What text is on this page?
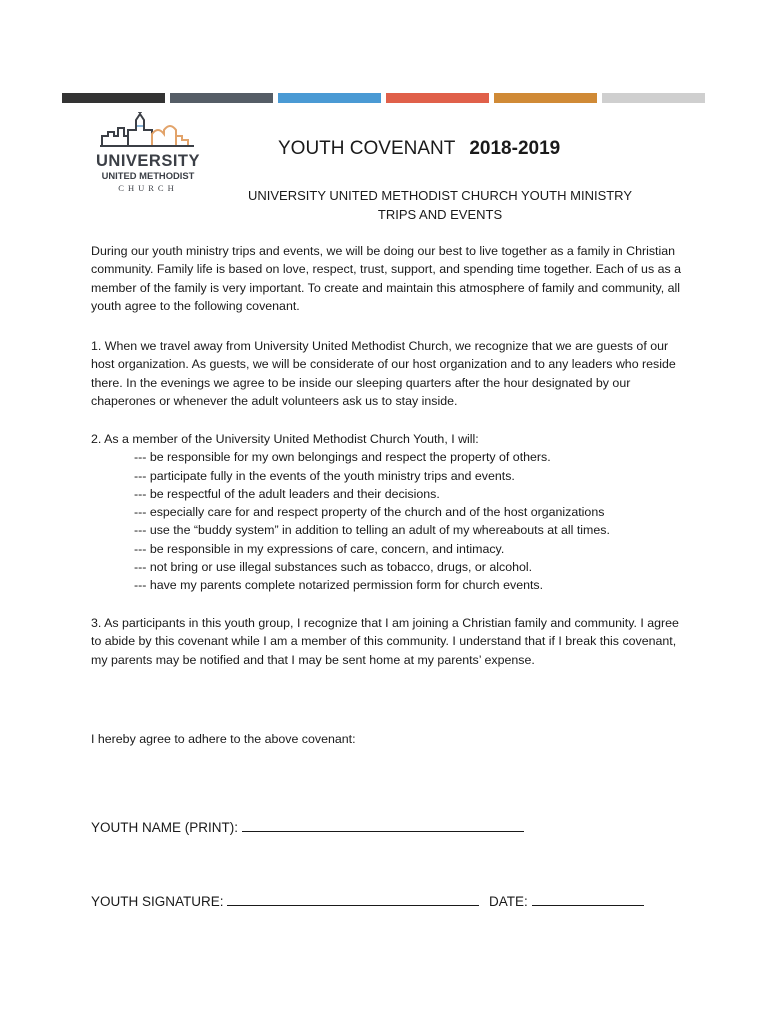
UNIVERSITY
UNITED METHODIST
CHURCH
YOUTH COVENANT 2018-2019
UNIVERSITY UNITED METHODIST CHURCH YOUTH MINISTRY
TRIPS AND EVENTS

During our youth ministry trips and events, we will be doing our best to live together as a family in Christian community. Family life is based on love, respect, trust, support, and spending time together. Each of us as a member of the family is very important. To create and maintain this atmosphere of family and community, all youth agree to the following covenant.

1. When we travel away from University United Methodist Church, we recognize that we are guests of our host organization. As guests, we will be considerate of our host organization and to any leaders who reside there. In the evenings we agree to be inside our sleeping quarters after the hour designated by our chaperones or whenever the adult volunteers ask us to stay inside.

2. As a member of the University United Methodist Church Youth, I will:
--- be responsible for my own belongings and respect the property of others.
--- participate fully in the events of the youth ministry trips and events.
--- be respectful of the adult leaders and their decisions.
--- especially care for and respect property of the church and of the host organizations
--- use the “buddy system” in addition to telling an adult of my whereabouts at all times.
--- be responsible in my expressions of care, concern, and intimacy.
--- not bring or use illegal substances such as tobacco, drugs, or alcohol.
--- have my parents complete notarized permission form for church events.

3. As participants in this youth group, I recognize that I am joining a Christian family and community. I agree to abide by this covenant while I am a member of this community. I understand that if I break this covenant, my parents may be notified and that I may be sent home at my parents’ expense.

I hereby agree to adhere to the above covenant:

YOUTH NAME (PRINT):
YOUTH SIGNATURE:	DATE:
